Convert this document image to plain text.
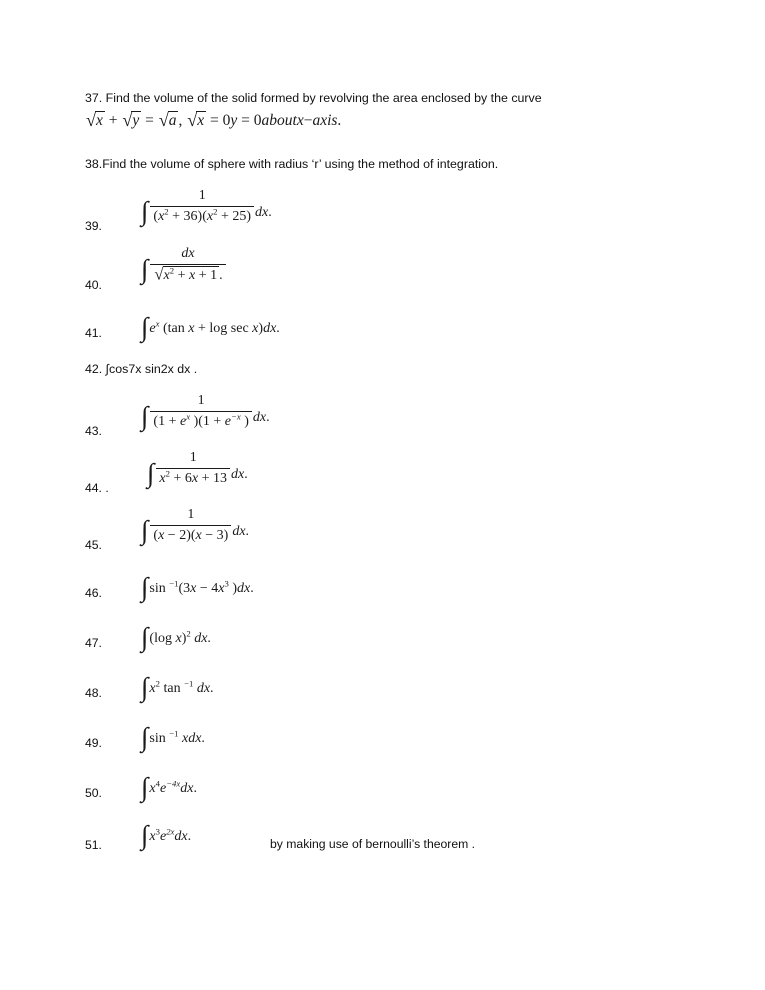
37. Find the volume of the solid formed by revolving the area enclosed by the curve
√ x + √ y = √ a , √ x = 0y = 0aboutx−axis.
38.Find the volume of sphere with radius ‘r’ using the method of integration.
39.
∫ $\frac{1}{(x^2 + 36)(x^2 + 25)}$ dx.
40.
∫ $\frac{dx}{√ x^2 + x + 1 .}$
41. $\int e^x$ (tan x + log sec x)dx.
42. ∫cos7x sin2x dx .
43.
∫ $\frac{1}{(1 + e^x )(1 + e^{-x} )}$ dx.
44. .
∫ $\frac{1}{x^2 + 6x + 13}$ dx.
45.
∫ $\frac{1}{(x - 2)(x - 3)}$ dx.
46. ∫sin $^{-1}(3x - 4x^3$ )dx.
47. ∫(log x)$^2$ dx.
48. $\int x^2$ tan $^{-1}$ dx.
49. ∫sin $^{-1}$ xdx.
50. $\int x^4e^{-4x}dx$.
51. $\int x^3e^{2x}dx$.	by making use of bernoulli’s theorem .
